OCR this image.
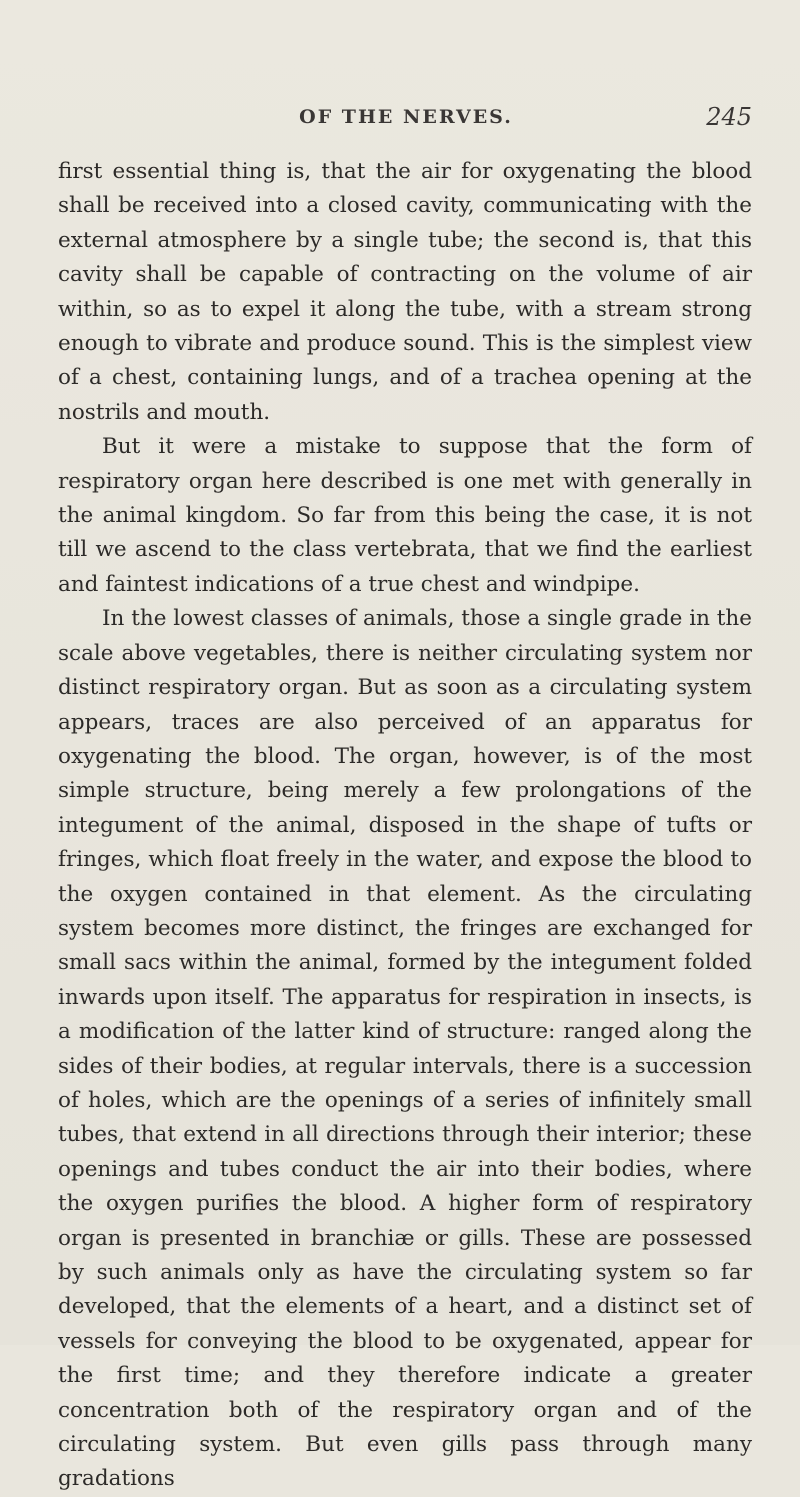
OF THE NERVES.	245

first essential thing is, that the air for oxygenating the blood shall be received into a closed cavity, communicating with the external atmosphere by a single tube; the second is, that this cavity shall be capable of contracting on the volume of air within, so as to expel it along the tube, with a stream strong enough to vibrate and produce sound. This is the simplest view of a chest, containing lungs, and of a trachea opening at the nostrils and mouth.

But it were a mistake to suppose that the form of respiratory organ here described is one met with generally in the animal kingdom. So far from this being the case, it is not till we ascend to the class vertebrata, that we find the earliest and faintest indications of a true chest and windpipe.

In the lowest classes of animals, those a single grade in the scale above vegetables, there is neither circulating system nor distinct respiratory organ. But as soon as a circulating system appears, traces are also perceived of an apparatus for oxygenating the blood. The organ, however, is of the most simple structure, being merely a few prolongations of the integument of the animal, disposed in the shape of tufts or fringes, which float freely in the water, and expose the blood to the oxygen contained in that element. As the circulating system becomes more distinct, the fringes are exchanged for small sacs within the animal, formed by the integument folded inwards upon itself. The apparatus for respiration in insects, is a modification of the latter kind of structure: ranged along the sides of their bodies, at regular intervals, there is a succession of holes, which are the openings of a series of infinitely small tubes, that extend in all directions through their interior; these openings and tubes conduct the air into their bodies, where the oxygen purifies the blood. A higher form of respiratory organ is presented in branchiæ or gills. These are possessed by such animals only as have the circulating system so far developed, that the elements of a heart, and a distinct set of vessels for conveying the blood to be oxygenated, appear for the first time; and they therefore indicate a greater concentration both of the respiratory organ and of the circulating system. But even gills pass through many gradations
